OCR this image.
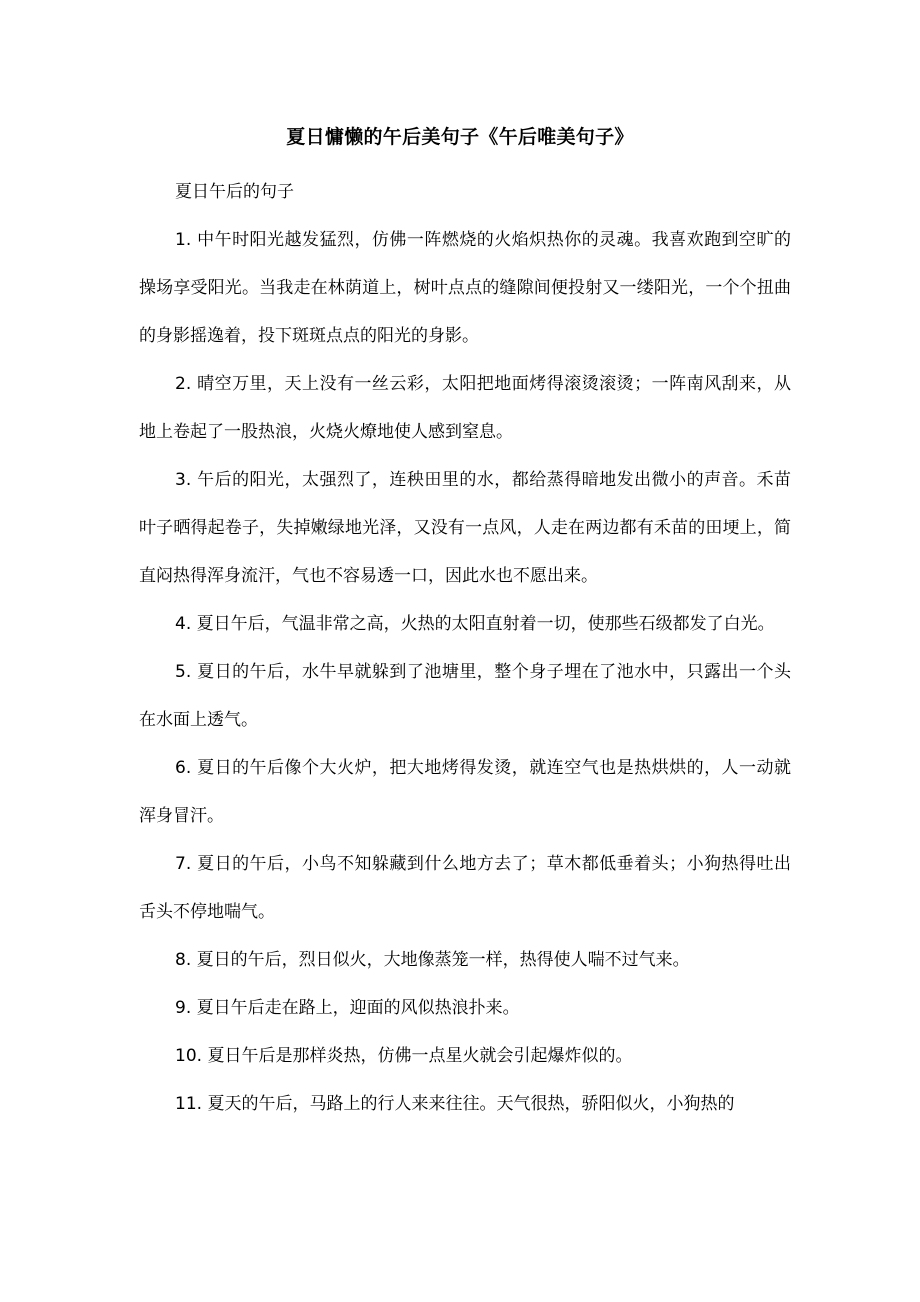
夏日慵懒的午后美句子《午后唯美句子》

夏日午后的句子

1. 中午时阳光越发猛烈，仿佛一阵燃烧的火焰炽热你的灵魂。我喜欢跑到空旷的操场享受阳光。当我走在林荫道上，树叶点点的缝隙间便投射又一缕阳光，一个个扭曲的身影摇逸着，投下斑斑点点的阳光的身影。

2. 晴空万里，天上没有一丝云彩，太阳把地面烤得滚烫滚烫；一阵南风刮来，从地上卷起了一股热浪，火烧火燎地使人感到窒息。

3. 午后的阳光，太强烈了，连秧田里的水，都给蒸得暗地发出微小的声音。禾苗叶子晒得起卷子，失掉嫩绿地光泽，又没有一点风，人走在两边都有禾苗的田埂上，简直闷热得浑身流汗，气也不容易透一口，因此水也不愿出来。

4. 夏日午后，气温非常之高，火热的太阳直射着一切，使那些石级都发了白光。

5. 夏日的午后，水牛早就躲到了池塘里，整个身子埋在了池水中，只露出一个头在水面上透气。

6. 夏日的午后像个大火炉，把大地烤得发烫，就连空气也是热烘烘的，人一动就浑身冒汗。

7. 夏日的午后，小鸟不知躲藏到什么地方去了；草木都低垂着头；小狗热得吐出舌头不停地喘气。

8. 夏日的午后，烈日似火，大地像蒸笼一样，热得使人喘不过气来。

9. 夏日午后走在路上，迎面的风似热浪扑来。

10. 夏日午后是那样炎热，仿佛一点星火就会引起爆炸似的。

11. 夏天的午后，马路上的行人来来往往。天气很热，骄阳似火，小狗热的
